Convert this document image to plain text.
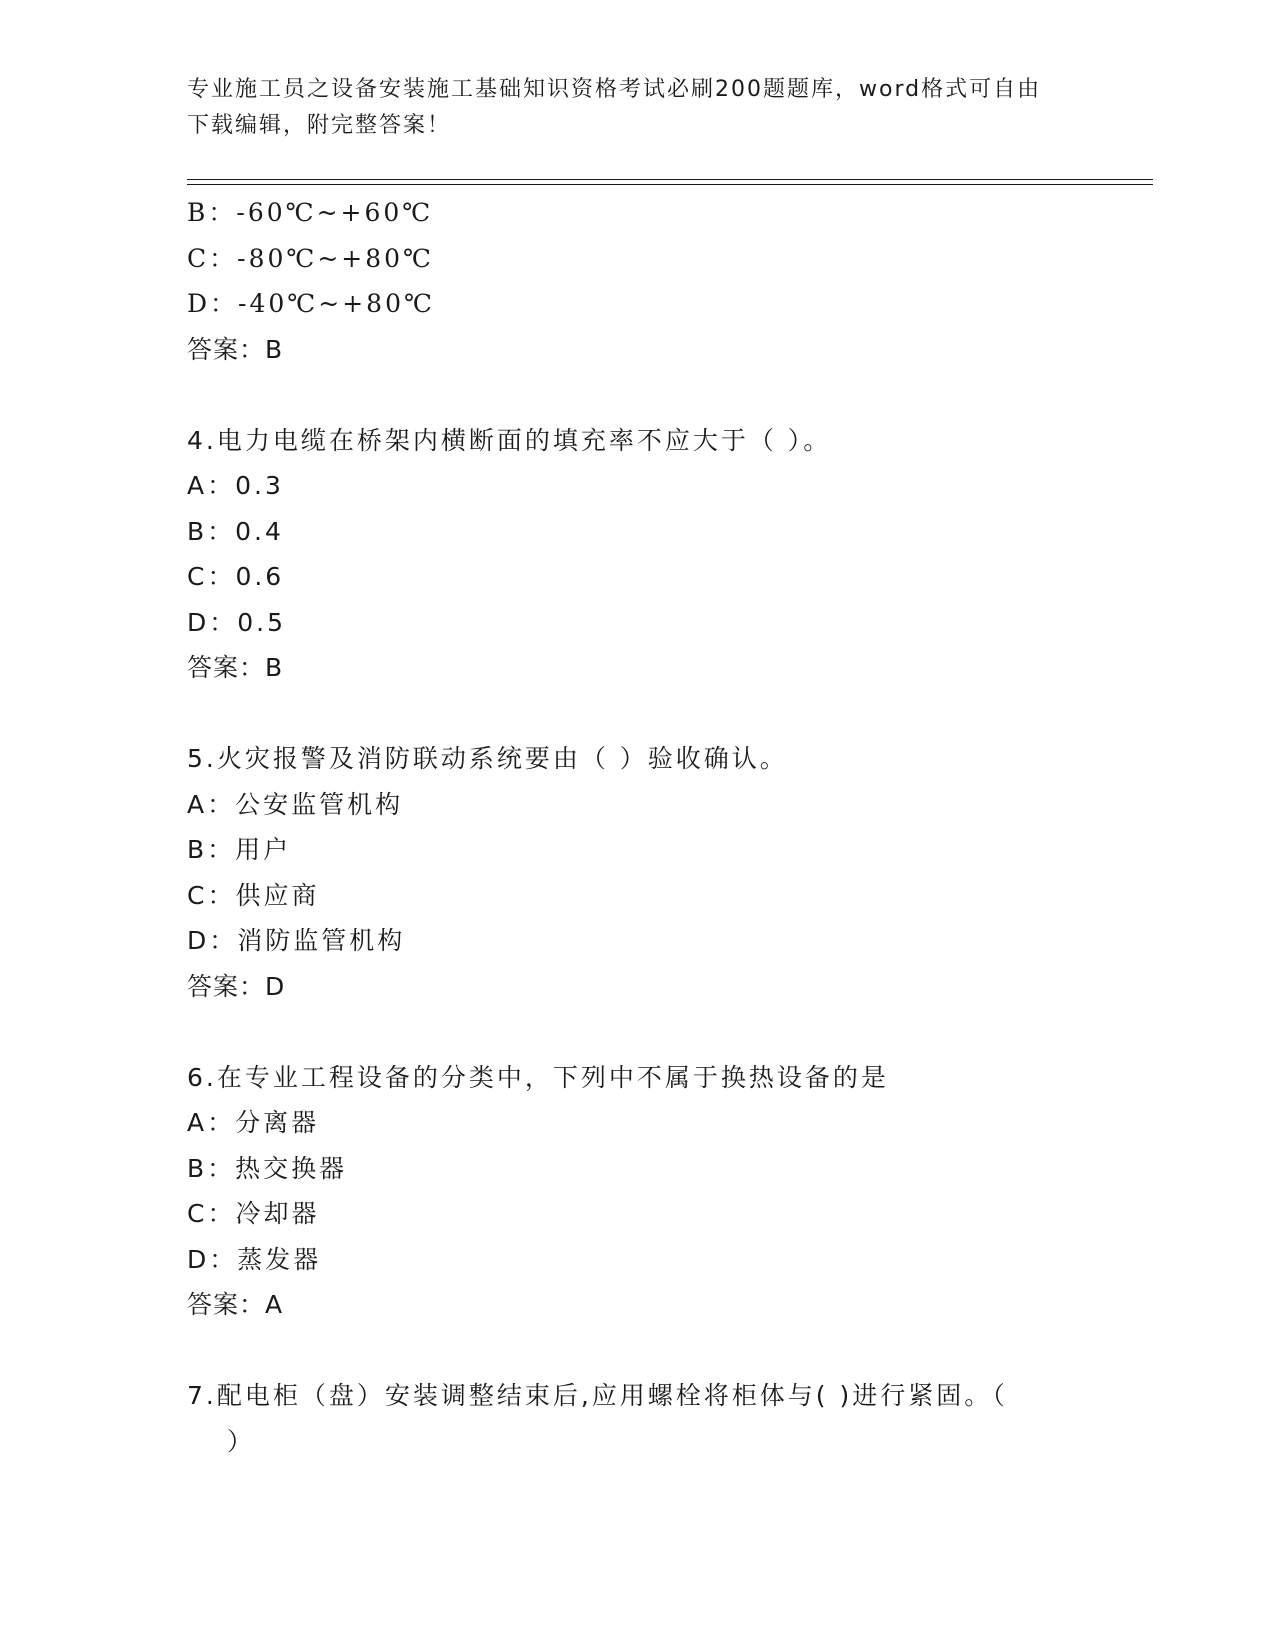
专业施工员之设备安装施工基础知识资格考试必刷200题题库，word格式可自由
下载编辑，附完整答案！
B：-60℃~+60℃
C：-80℃~+80℃
D：-40℃~+80℃
答案：B
4.电力电缆在桥架内横断面的填充率不应大于（ ）。
A：0.3
B：0.4
C：0.6
D：0.5
答案：B
5.火灾报警及消防联动系统要由（ ）验收确认。
A：公安监管机构
B：用户
C：供应商
D：消防监管机构
答案：D
6.在专业工程设备的分类中，下列中不属于换热设备的是
A：分离器
B：热交换器
C：冷却器
D：蒸发器
答案：A
7.配电柜（盘）安装调整结束后,应用螺栓将柜体与( )进行紧固。（
）
